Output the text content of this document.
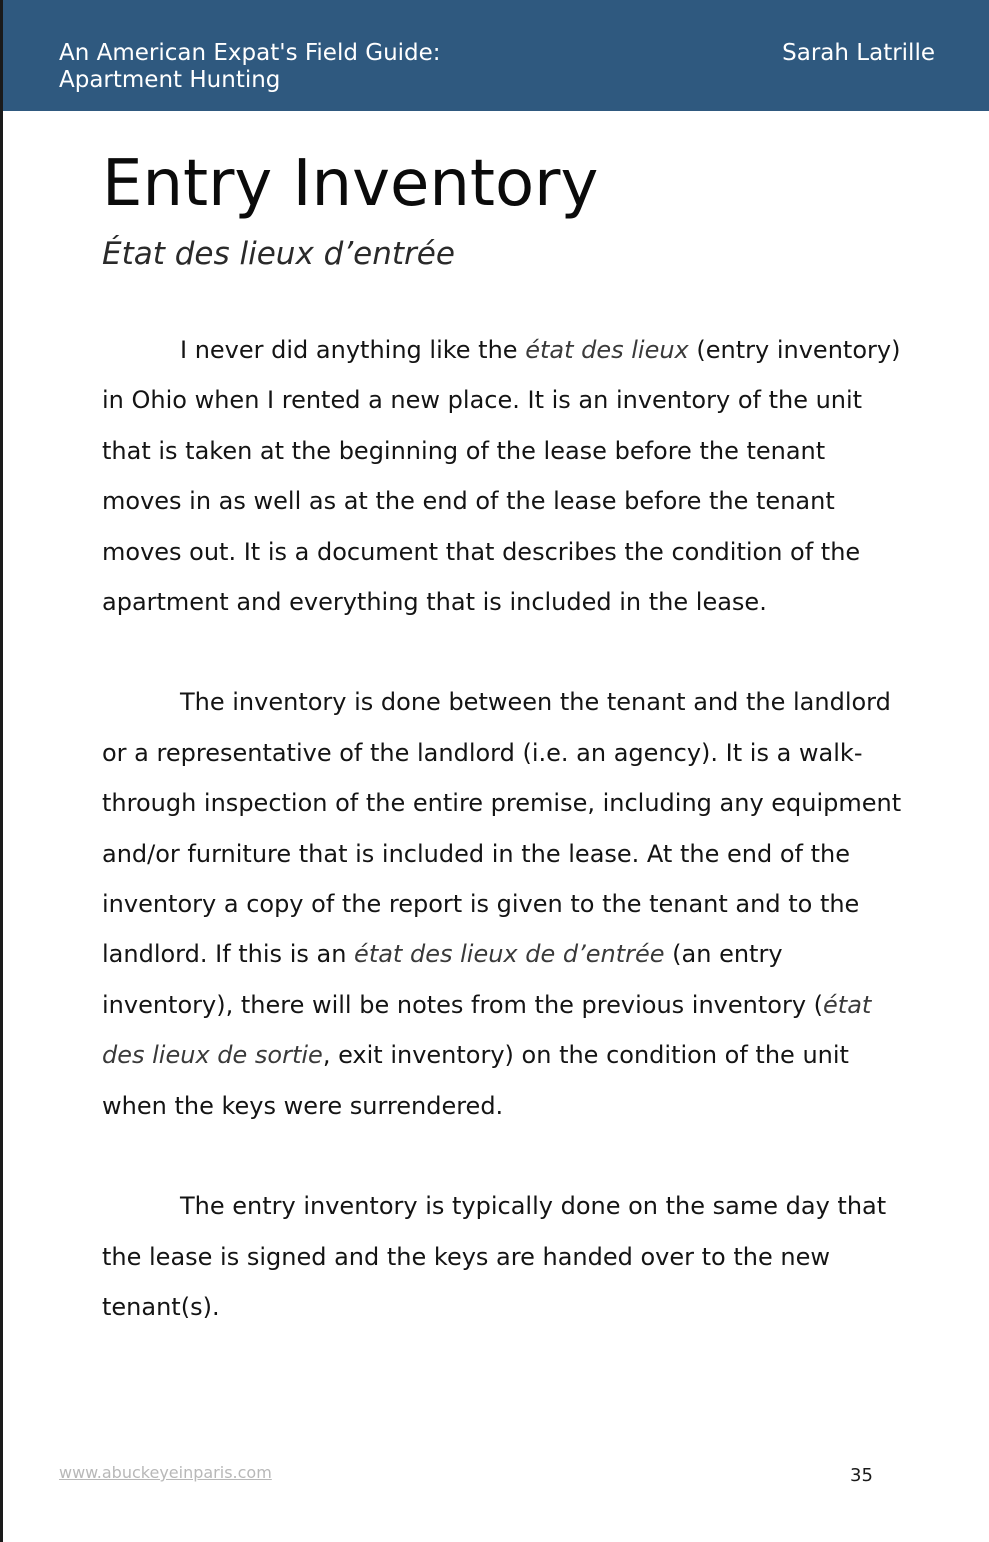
An American Expat's Field Guide:
Apartment Hunting
Sarah Latrille
Entry Inventory
État des lieux d’entrée

I never did anything like the état des lieux (entry inventory) in Ohio when I rented a new place. It is an inventory of the unit that is taken at the beginning of the lease before the tenant moves in as well as at the end of the lease before the tenant moves out. It is a document that describes the condition of the apartment and everything that is included in the lease.

The inventory is done between the tenant and the landlord or a representative of the landlord (i.e. an agency). It is a walk-through inspection of the entire premise, including any equipment and/or furniture that is included in the lease. At the end of the inventory a copy of the report is given to the tenant and to the landlord. If this is an état des lieux de d’entrée (an entry inventory), there will be notes from the previous inventory (état des lieux de sortie, exit inventory) on the condition of the unit when the keys were surrendered.

The entry inventory is typically done on the same day that the lease is signed and the keys are handed over to the new tenant(s).

www.abuckeyeinparis.com	35
